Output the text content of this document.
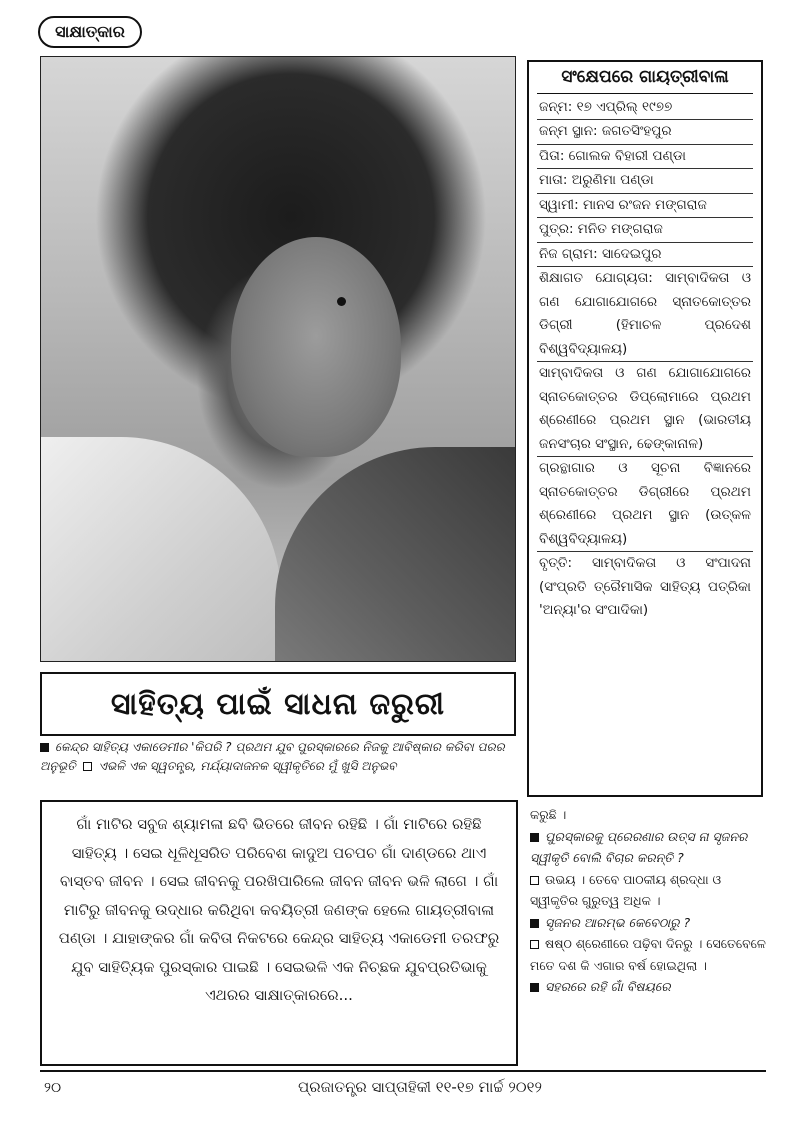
ସାକ୍ଷାତ୍କାର
ସଂକ୍ଷେପରେ ଗାୟତ୍ରୀବାଳା
ଜନ୍ମ: ୧୭ ଏପ୍ରିଲ୍ ୧୯୭୭
ଜନ୍ମ ସ୍ଥାନ: ଜଗତସିଂହପୁର
ପିତା: ଗୋଲକ ବିହାରୀ ପଣ୍ଡା
ମାତା: ଅରୁଣିମା ପଣ୍ଡା
ସ୍ୱାମୀ: ମାନସ ରଂଜନ ମଙ୍ଗରାଜ
ପୁତ୍ର: ମନିତ ମଙ୍ଗରାଜ
ନିଜ ଗ୍ରାମ: ସାଦେଇପୁର
ଶିକ୍ଷାଗତ ଯୋଗ୍ୟତା: ସାମ୍ବାଦିକତା ଓ ଗଣ ଯୋଗାଯୋଗରେ ସ୍ନାତକୋତ୍ତର ଡିଗ୍ରୀ (ହିମାଚଳ ପ୍ରଦେଶ ବିଶ୍ୱବିଦ୍ୟାଳୟ)
ସାମ୍ବାଦିକତା ଓ ଗଣ ଯୋଗାଯୋଗରେ ସ୍ନାତକୋତ୍ତର ଡିପ୍ଲୋମାରେ ପ୍ରଥମ ଶ୍ରେଣୀରେ ପ୍ରଥମ ସ୍ଥାନ (ଭାରତୀୟ ଜନସଂଚାର ସଂସ୍ଥାନ, ଢେଙ୍କାନାଳ)
ଗ୍ରନ୍ଥାଗାର ଓ ସୂଚନା ବିଜ୍ଞାନରେ ସ୍ନାତକୋତ୍ତର ଡିଗ୍ରୀରେ ପ୍ରଥମ ଶ୍ରେଣୀରେ ପ୍ରଥମ ସ୍ଥାନ (ଉତ୍କଳ ବିଶ୍ୱବିଦ୍ୟାଳୟ)
ବୃତ୍ତି: ସାମ୍ବାଦିକତା ଓ ସଂପାଦନା (ସଂପ୍ରତି ତ୍ରୈମାସିକ ସାହିତ୍ୟ ପତ୍ରିକା 'ଅନ୍ୟା'ର ସଂପାଦିକା)
ସାହିତ୍ୟ ପାଇଁ ସାଧନା ଜରୁରୀ
କେନ୍ଦ୍ର ସାହିତ୍ୟ ଏକାଡେମୀର 'କିପରି ? ପ୍ରଥମ ଯୁବ ପୁରସ୍କାରରେ ନିଜକୁ ଆବିଷ୍କାର କରିବା ପରର ଅନୁଭୂତି ଏଭଳି ଏକ ସ୍ୱତନ୍ତ୍ର, ମର୍ଯ୍ୟାଦାଜନକ ସ୍ୱୀକୃତିରେ ମୁଁ ଖୁସି ଅନୁଭବ
ଗାଁ ମାଟିର ସବୁଜ ଶ୍ୟାମଳା ଛବି ଭିତରେ ଜୀବନ ରହିଛି । ଗାଁ ମାଟିରେ ରହିଛି ସାହିତ୍ୟ । ସେଇ ଧୂଳିଧୂସରିତ ପରିବେଶ କାଦୁଅ ପଚପଚ ଗାଁ ଦାଣ୍ଡରେ ଥାଏ ବାସ୍ତବ ଜୀବନ । ସେଇ ଜୀବନକୁ ପରଖିପାରିଲେ ଜୀବନ ଜୀବନ ଭଳି ଲାଗେ । ଗାଁ ମାଟିରୁ ଜୀବନକୁ ଉଦ୍ଧାର କରିଥିବା କବୟିତ୍ରୀ ଜଣଙ୍କ ହେଲେ ଗାୟତ୍ରୀବାଳା ପଣ୍ଡା । ଯାହାଙ୍କର ଗାଁ କବିତା ନିକଟରେ କେନ୍ଦ୍ର ସାହିତ୍ୟ ଏକାଡେମୀ ତରଫରୁ ଯୁବ ସାହିତ୍ୟିକ ପୁରସ୍କାର ପାଇଛି । ସେଇଭଳି ଏକ ନିଚ୍ଛକ ଯୁବପ୍ରତିଭାକୁ ଏଥରର ସାକ୍ଷାତ୍କାରରେ...

କରୁଛି ।

ପୁରସ୍କାରକୁ ପ୍ରେରଣାର ଉତ୍ସ ନା ସୃଜନର ସ୍ୱୀକୃତି ବୋଲି ବିଚାର କରନ୍ତି ?

ଉଭୟ । ତେବେ ପାଠକୀୟ ଶ୍ରଦ୍ଧା ଓ ସ୍ୱୀକୃତିର ଗୁରୁତ୍ୱ ଅଧିକ ।

ସୃଜନର ଆରମ୍ଭ କେବେଠାରୁ ?

ଷଷ୍ଠ ଶ୍ରେଣୀରେ ପଢ଼ିବା ଦିନରୁ । ସେତେବେଳେ ମତେ ଦଶ କି ଏଗାର ବର୍ଷ ହୋଇଥିଲା ।

ସହରରେ ରହି ଗାଁ ବିଷୟରେ

୨୦	ପ୍ରଜାତନ୍ତ୍ର ସାପ୍ତାହିକୀ ୧୧-୧୭ ମାର୍ଚ୍ଚ ୨୦୧୨
